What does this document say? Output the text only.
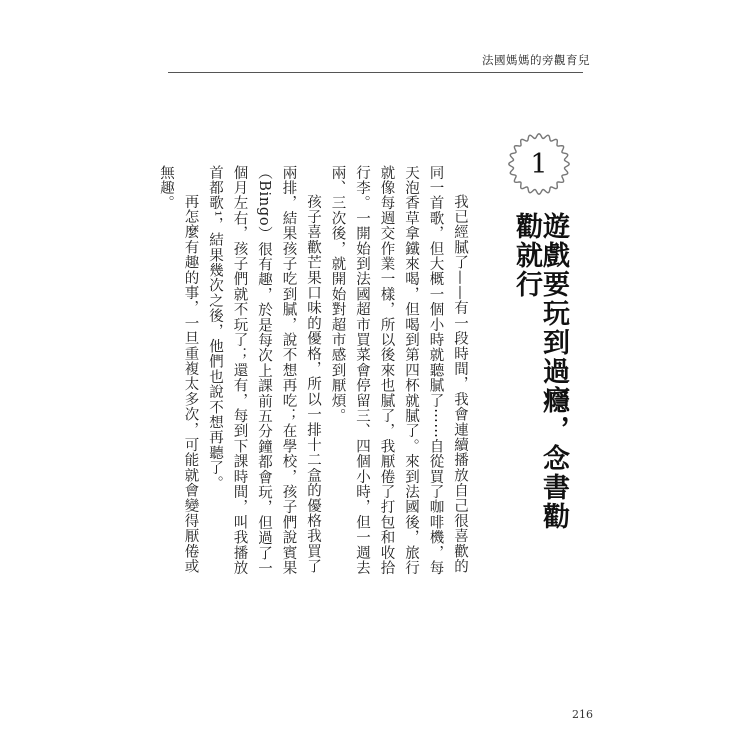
法國媽媽的旁觀育兒
1
遊戲要玩到過癮，念書勸勸就行

我已經膩了——有一段時間，我會連續播放自己很喜歡的同一首歌，但大概一個小時就聽膩了⋯⋯自從買了咖啡機，每天泡香草拿鐵來喝，但喝到第四杯就膩了。來到法國後，旅行就像每週交作業一樣，所以後來也膩了，我厭倦了打包和收拾行李。一開始到法國超市買菜會停留三、四個小時，但一週去兩、三次後，就開始對超市感到厭煩。

孩子喜歡芒果口味的優格，所以一排十二盒的優格我買了兩排，結果孩子吃到膩，說不想再吃；在學校，孩子們說賓果（Bingo）很有趣，於是每次上課前五分鐘都會玩，但過了一個月左右，孩子們就不玩了；還有，每到下課時間，叫我播放首都歌¹，結果幾次之後，他們也說不想再聽了。

再怎麼有趣的事，一旦重複太多次，可能就會變得厭倦或無趣。

216
